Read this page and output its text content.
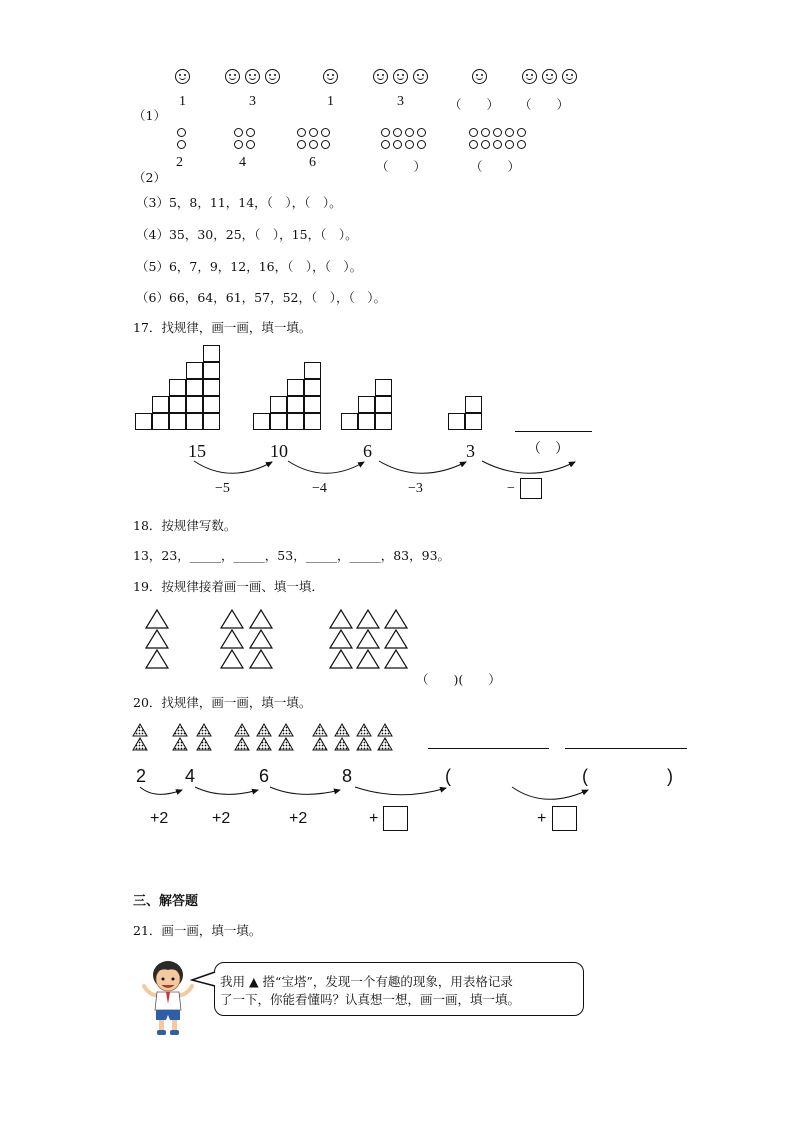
1	3	1	3	（　　） （　　）
（1）
2	4	6	（　　）	（　　）
（2）
（3）5，8，11，14，（　），（　）。
（4）35，30，25，（　），15，（　）。
（5）6，7，9，12，16，（　），（　）。
（6）66，64，61，57，52，（　），（　）。
17．找规律，画一画，填一填。
15	10	6	3	（　）
−5	−4	−3	−
18．按规律写数。
13，23，_____，_____，53，_____，_____，83，93。
19．按规律接着画一画、填一填．
（　　)(　　）
20．找规律，画一画，填一填。
2 4	6	8	(	(	)
+2	+2	+2	+	+
三、解答题
21．画一画，填一填。
我用 ▲ 搭“宝塔”，发现一个有趣的现象，用表格记录
了一下，你能看懂吗？认真想一想，画一画，填一填。
